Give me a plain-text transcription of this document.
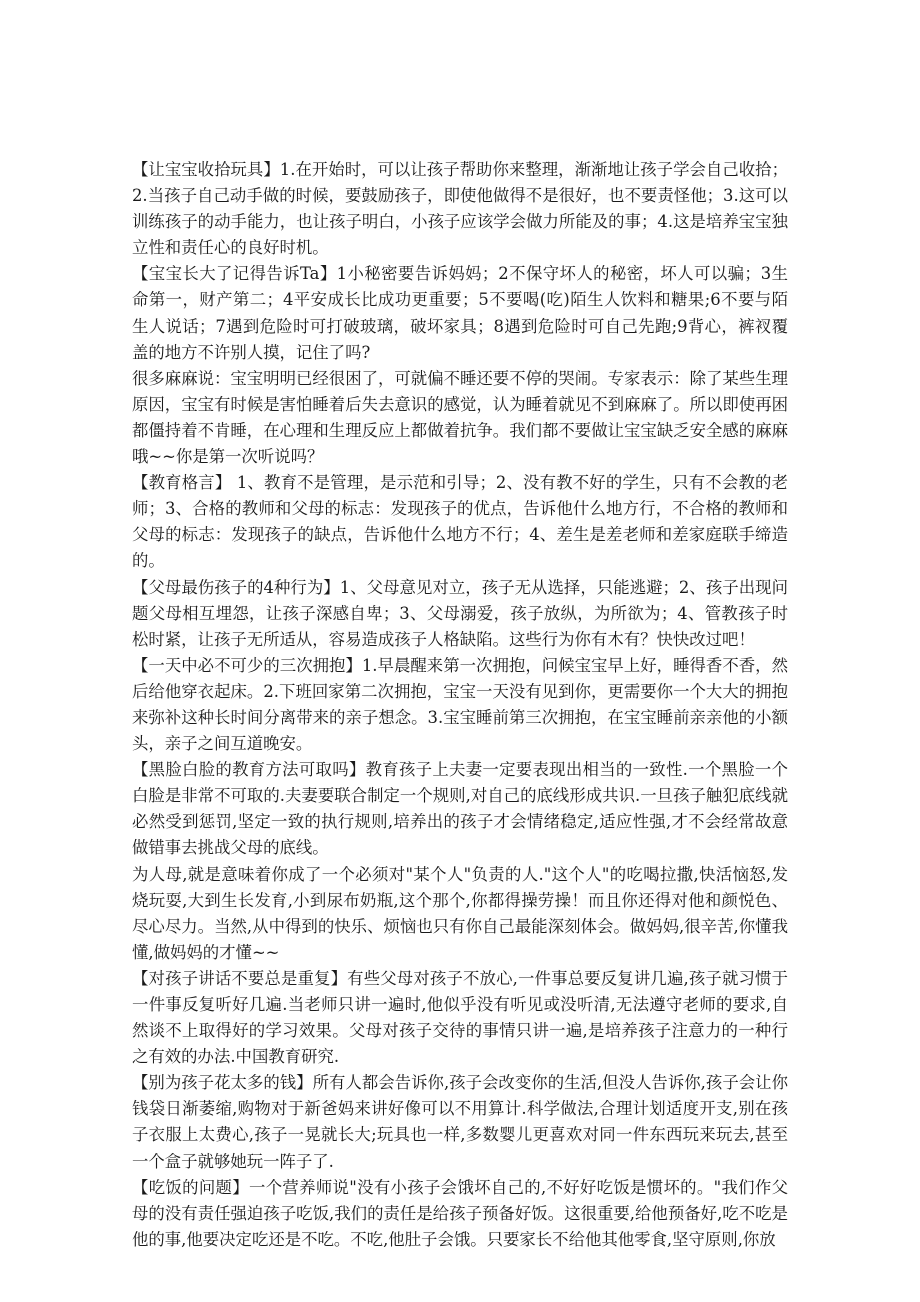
【让宝宝收拾玩具】1.在开始时，可以让孩子帮助你来整理，渐渐地让孩子学会自己收拾；2.当孩子自己动手做的时候，要鼓励孩子，即使他做得不是很好，也不要责怪他；3.这可以训练孩子的动手能力，也让孩子明白，小孩子应该学会做力所能及的事；4.这是培养宝宝独立性和责任心的良好时机。

【宝宝长大了记得告诉Ta】1小秘密要告诉妈妈；2不保守坏人的秘密，坏人可以骗；3生命第一，财产第二；4平安成长比成功更重要；5不要喝(吃)陌生人饮料和糖果;6不要与陌生人说话；7遇到危险时可打破玻璃，破坏家具；8遇到危险时可自己先跑;9背心，裤衩覆盖的地方不许别人摸，记住了吗?

很多麻麻说：宝宝明明已经很困了，可就偏不睡还要不停的哭闹。专家表示：除了某些生理原因，宝宝有时候是害怕睡着后失去意识的感觉，认为睡着就见不到麻麻了。所以即使再困都僵持着不肯睡，在心理和生理反应上都做着抗争。我们都不要做让宝宝缺乏安全感的麻麻哦~~你是第一次听说吗？

【教育格言】 1、教育不是管理，是示范和引导；2、没有教不好的学生，只有不会教的老师；3、合格的教师和父母的标志：发现孩子的优点，告诉他什么地方行，不合格的教师和父母的标志：发现孩子的缺点，告诉他什么地方不行；4、差生是差老师和差家庭联手缔造的。

【父母最伤孩子的4种行为】1、父母意见对立，孩子无从选择，只能逃避；2、孩子出现问题父母相互埋怨，让孩子深感自卑；3、父母溺爱，孩子放纵，为所欲为；4、管教孩子时松时紧，让孩子无所适从，容易造成孩子人格缺陷。这些行为你有木有？快快改过吧！

【一天中必不可少的三次拥抱】1.早晨醒来第一次拥抱，问候宝宝早上好，睡得香不香，然后给他穿衣起床。2.下班回家第二次拥抱，宝宝一天没有见到你，更需要你一个大大的拥抱来弥补这种长时间分离带来的亲子想念。3.宝宝睡前第三次拥抱，在宝宝睡前亲亲他的小额头，亲子之间互道晚安。

【黑脸白脸的教育方法可取吗】教育孩子上夫妻一定要表现出相当的一致性.一个黑脸一个白脸是非常不可取的.夫妻要联合制定一个规则,对自己的底线形成共识.一旦孩子触犯底线就必然受到惩罚,坚定一致的执行规则,培养出的孩子才会情绪稳定,适应性强,才不会经常故意做错事去挑战父母的底线。

为人母,就是意味着你成了一个必须对"某个人"负责的人."这个人"的吃喝拉撒,快活恼怒,发烧玩耍,大到生长发育,小到尿布奶瓶,这个那个,你都得操劳操！而且你还得对他和颜悦色、尽心尽力。当然,从中得到的快乐、烦恼也只有你自己最能深刻体会。做妈妈,很辛苦,你懂我懂,做妈妈的才懂~~

【对孩子讲话不要总是重复】有些父母对孩子不放心,一件事总要反复讲几遍,孩子就习惯于一件事反复听好几遍.当老师只讲一遍时,他似乎没有听见或没听清,无法遵守老师的要求,自然谈不上取得好的学习效果。父母对孩子交待的事情只讲一遍,是培养孩子注意力的一种行之有效的办法.中国教育研究.

【别为孩子花太多的钱】所有人都会告诉你,孩子会改变你的生活,但没人告诉你,孩子会让你钱袋日渐萎缩,购物对于新爸妈来讲好像可以不用算计.科学做法,合理计划适度开支,别在孩子衣服上太费心,孩子一晃就长大;玩具也一样,多数婴儿更喜欢对同一件东西玩来玩去,甚至一个盒子就够她玩一阵子了.

【吃饭的问题】一个营养师说"没有小孩子会饿坏自己的,不好好吃饭是惯坏的。"我们作父母的没有责任强迫孩子吃饭,我们的责任是给孩子预备好饭。这很重要,给他预备好,吃不吃是他的事,他要决定吃还是不吃。不吃,他肚子会饿。只要家长不给他其他零食,坚守原则,你放
